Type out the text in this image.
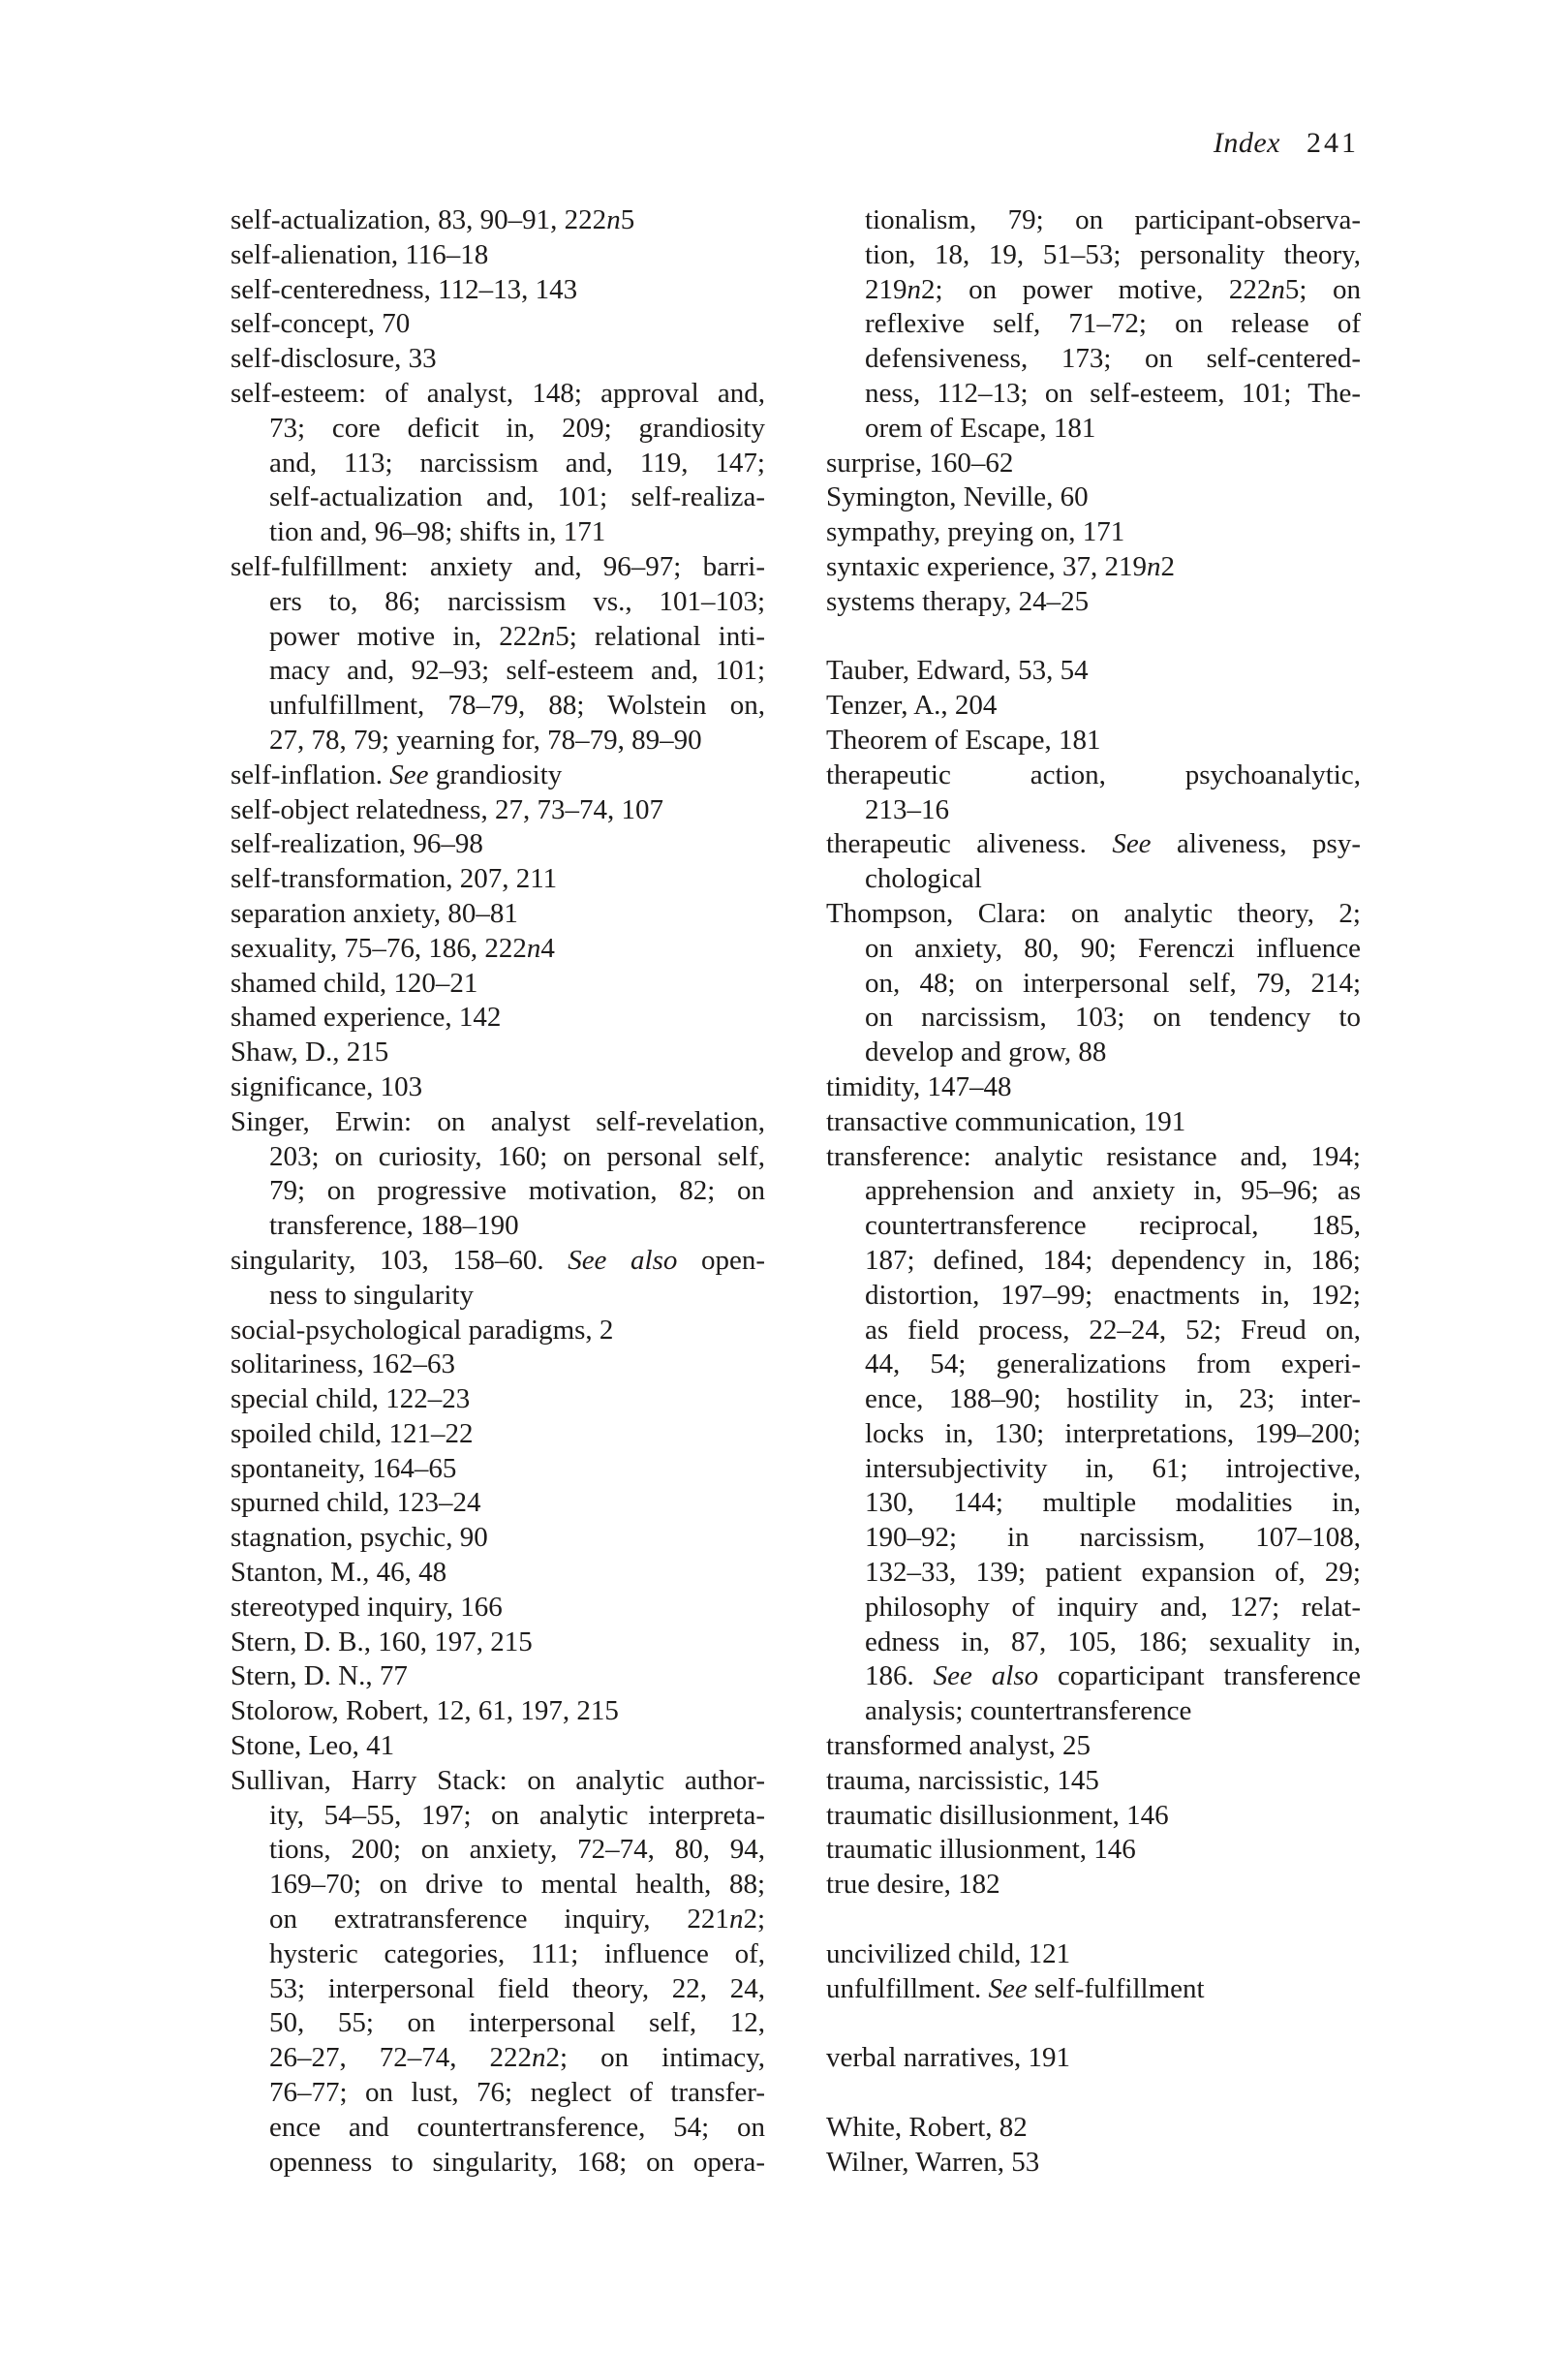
Index 241
self-actualization, 83, 90–91, 222n5
self-alienation, 116–18
self-centeredness, 112–13, 143
self-concept, 70
self-disclosure, 33
self-esteem: of analyst, 148; approval and,
73; core deficit in, 209; grandiosity
and, 113; narcissism and, 119, 147;
self-actualization and, 101; self-realiza-
tion and, 96–98; shifts in, 171
self-fulfillment: anxiety and, 96–97; barri-
ers to, 86; narcissism vs., 101–103;
power motive in, 222n5; relational inti-
macy and, 92–93; self-esteem and, 101;
unfulfillment, 78–79, 88; Wolstein on,
27, 78, 79; yearning for, 78–79, 89–90
self-inflation. See grandiosity
self-object relatedness, 27, 73–74, 107
self-realization, 96–98
self-transformation, 207, 211
separation anxiety, 80–81
sexuality, 75–76, 186, 222n4
shamed child, 120–21
shamed experience, 142
Shaw, D., 215
significance, 103
Singer, Erwin: on analyst self-revelation,
203; on curiosity, 160; on personal self,
79; on progressive motivation, 82; on
transference, 188–190
singularity, 103, 158–60. See also open-
ness to singularity
social-psychological paradigms, 2
solitariness, 162–63
special child, 122–23
spoiled child, 121–22
spontaneity, 164–65
spurned child, 123–24
stagnation, psychic, 90
Stanton, M., 46, 48
stereotyped inquiry, 166
Stern, D. B., 160, 197, 215
Stern, D. N., 77
Stolorow, Robert, 12, 61, 197, 215
Stone, Leo, 41
Sullivan, Harry Stack: on analytic author-
ity, 54–55, 197; on analytic interpreta-
tions, 200; on anxiety, 72–74, 80, 94,
169–70; on drive to mental health, 88;
on extratransference inquiry, 221n2;
hysteric categories, 111; influence of,
53; interpersonal field theory, 22, 24,
50, 55; on interpersonal self, 12,
26–27, 72–74, 222n2; on intimacy,
76–77; on lust, 76; neglect of transfer-
ence and countertransference, 54; on
openness to singularity, 168; on opera-
tionalism, 79; on participant-observa-
tion, 18, 19, 51–53; personality theory,
219n2; on power motive, 222n5; on
reflexive self, 71–72; on release of
defensiveness, 173; on self-centered-
ness, 112–13; on self-esteem, 101; The-
orem of Escape, 181
surprise, 160–62
Symington, Neville, 60
sympathy, preying on, 171
syntaxic experience, 37, 219n2
systems therapy, 24–25
Tauber, Edward, 53, 54
Tenzer, A., 204
Theorem of Escape, 181
therapeutic action, psychoanalytic,
213–16
therapeutic aliveness. See aliveness, psy-
chological
Thompson, Clara: on analytic theory, 2;
on anxiety, 80, 90; Ferenczi influence
on, 48; on interpersonal self, 79, 214;
on narcissism, 103; on tendency to
develop and grow, 88
timidity, 147–48
transactive communication, 191
transference: analytic resistance and, 194;
apprehension and anxiety in, 95–96; as
countertransference reciprocal, 185,
187; defined, 184; dependency in, 186;
distortion, 197–99; enactments in, 192;
as field process, 22–24, 52; Freud on,
44, 54; generalizations from experi-
ence, 188–90; hostility in, 23; inter-
locks in, 130; interpretations, 199–200;
intersubjectivity in, 61; introjective,
130, 144; multiple modalities in,
190–92; in narcissism, 107–108,
132–33, 139; patient expansion of, 29;
philosophy of inquiry and, 127; relat-
edness in, 87, 105, 186; sexuality in,
186. See also coparticipant transference
analysis; countertransference
transformed analyst, 25
trauma, narcissistic, 145
traumatic disillusionment, 146
traumatic illusionment, 146
true desire, 182
uncivilized child, 121
unfulfillment. See self-fulfillment
verbal narratives, 191
White, Robert, 82
Wilner, Warren, 53
